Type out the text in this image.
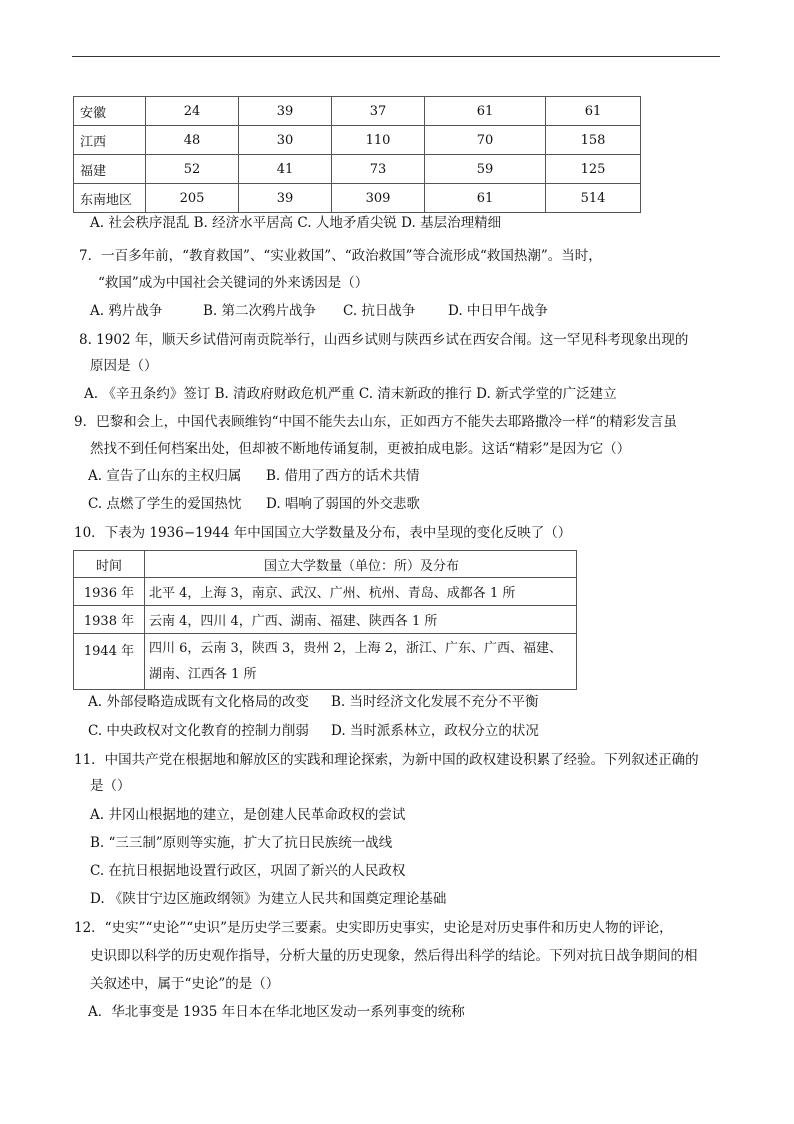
安徽	24	39	37	61	61
江西	48	30	110	70	158
福建	52	41	73	59	125
东南地区	205	39	309	61	514
A. 社会秩序混乱 B. 经济水平居高 C. 人地矛盾尖锐 D. 基层治理精细
7．一百多年前，“教育救国”、“实业救国”、“政治救国”等合流形成“救国热潮”。当时，
“救国”成为中国社会关键词的外来诱因是（）
A. 鸦片战争	B. 第二次鸦片战争 C. 抗日战争 D. 中日甲午战争
8. 1902 年，顺天乡试借河南贡院举行，山西乡试则与陕西乡试在西安合闱。这一罕见科考现象出现的
原因是（）
A. 《辛丑条约》签订 B. 清政府财政危机严重 C. 清末新政的推行 D. 新式学堂的广泛建立
9．巴黎和会上，中国代表顾维钧“中国不能失去山东，正如西方不能失去耶路撒冷一样“的精彩发言虽
然找不到任何档案出处，但却被不断地传诵复制，更被拍成电影。这话“精彩”是因为它（）
A. 宣告了山东的主权归属 B. 借用了西方的话术共情
C. 点燃了学生的爱国热忱 D. 唱响了弱国的外交悲歌
10．下表为 1936−1944 年中国国立大学数量及分布，表中呈现的变化反映了（）
时间	国立大学数量（单位：所）及分布
1936 年	北平 4，上海 3，南京、武汉、广州、杭州、青岛、成都各 1 所
1938 年	云南 4，四川 4，广西、湖南、福建、陕西各 1 所
1944 年	四川 6，云南 3，陕西 3，贵州 2，上海 2，浙江、广东、广西、福建、湖南、江西各 1 所
A. 外部侵略造成既有文化格局的改变 B. 当时经济文化发展不充分不平衡
C. 中央政权对文化教育的控制力削弱 D. 当时派系林立，政权分立的状况
11．中国共产党在根据地和解放区的实践和理论探索，为新中国的政权建设积累了经验。下列叙述正确的
是（）
A. 井冈山根据地的建立，是创建人民革命政权的尝试
B. “三三制”原则等实施，扩大了抗日民族统一战线
C. 在抗日根据地设置行政区，巩固了新兴的人民政权
D. 《陕甘宁边区施政纲领》为建立人民共和国奠定理论基础
12．“史实”“史论”“史识”是历史学三要素。史实即历史事实，史论是对历史事件和历史人物的评论，
史识即以科学的历史观作指导，分析大量的历史现象，然后得出科学的结论。下列对抗日战争期间的相
关叙述中，属于“史论”的是（）
A．华北事变是 1935 年日本在华北地区发动一系列事变的统称
